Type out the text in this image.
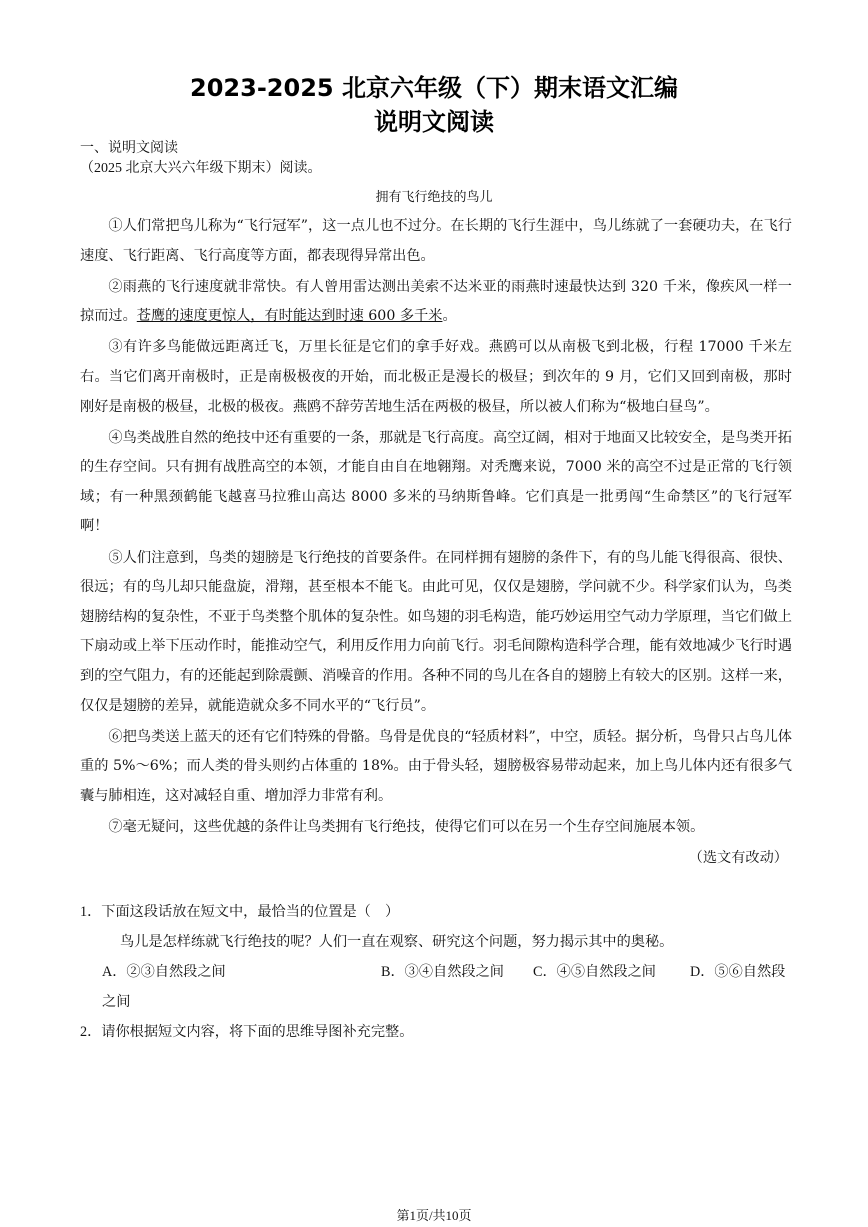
2023-2025 北京六年级（下）期末语文汇编
说明文阅读
一、说明文阅读
（2025 北京大兴六年级下期末）阅读。
拥有飞行绝技的鸟儿

①人们常把鸟儿称为“飞行冠军”，这一点儿也不过分。在长期的飞行生涯中，鸟儿练就了一套硬功夫，在飞行速度、飞行距离、飞行高度等方面，都表现得异常出色。

②雨燕的飞行速度就非常快。有人曾用雷达测出美索不达米亚的雨燕时速最快达到 320 千米，像疾风一样一掠而过。苍鹰的速度更惊人，有时能达到时速 600 多千米。

③有许多鸟能做远距离迁飞，万里长征是它们的拿手好戏。燕鸥可以从南极飞到北极，行程 17000 千米左右。当它们离开南极时，正是南极极夜的开始，而北极正是漫长的极昼；到次年的 9 月，它们又回到南极，那时刚好是南极的极昼，北极的极夜。燕鸥不辞劳苦地生活在两极的极昼，所以被人们称为“极地白昼鸟”。

④鸟类战胜自然的绝技中还有重要的一条，那就是飞行高度。高空辽阔，相对于地面又比较安全，是鸟类开拓的生存空间。只有拥有战胜高空的本领，才能自由自在地翱翔。对秃鹰来说，7000 米的高空不过是正常的飞行领域；有一种黑颈鹤能飞越喜马拉雅山高达 8000 多米的马纳斯鲁峰。它们真是一批勇闯“生命禁区”的飞行冠军啊！

⑤人们注意到，鸟类的翅膀是飞行绝技的首要条件。在同样拥有翅膀的条件下，有的鸟儿能飞得很高、很快、很远；有的鸟儿却只能盘旋，滑翔，甚至根本不能飞。由此可见，仅仅是翅膀，学问就不少。科学家们认为，鸟类翅膀结构的复杂性，不亚于鸟类整个肌体的复杂性。如鸟翅的羽毛构造，能巧妙运用空气动力学原理，当它们做上下扇动或上举下压动作时，能推动空气，利用反作用力向前飞行。羽毛间隙构造科学合理，能有效地减少飞行时遇到的空气阻力，有的还能起到除震颤、消噪音的作用。各种不同的鸟儿在各自的翅膀上有较大的区别。这样一来，仅仅是翅膀的差异，就能造就众多不同水平的“飞行员”。

⑥把鸟类送上蓝天的还有它们特殊的骨骼。鸟骨是优良的“轻质材料”，中空，质轻。据分析，鸟骨只占鸟儿体重的 5%～6%；而人类的骨头则约占体重的 18%。由于骨头轻，翅膀极容易带动起来，加上鸟儿体内还有很多气囊与肺相连，这对减轻自重、增加浮力非常有利。

⑦毫无疑问，这些优越的条件让鸟类拥有飞行绝技，使得它们可以在另一个生存空间施展本领。

（选文有改动）
1．下面这段话放在短文中，最恰当的位置是（　）
鸟儿是怎样练就飞行绝技的呢？人们一直在观察、研究这个问题，努力揭示其中的奥秘。
A．②③自然段之间	B．③④自然段之间 C．④⑤自然段之间 D．⑤⑥自然段
之间
2．请你根据短文内容，将下面的思维导图补充完整。
第1页/共10页
